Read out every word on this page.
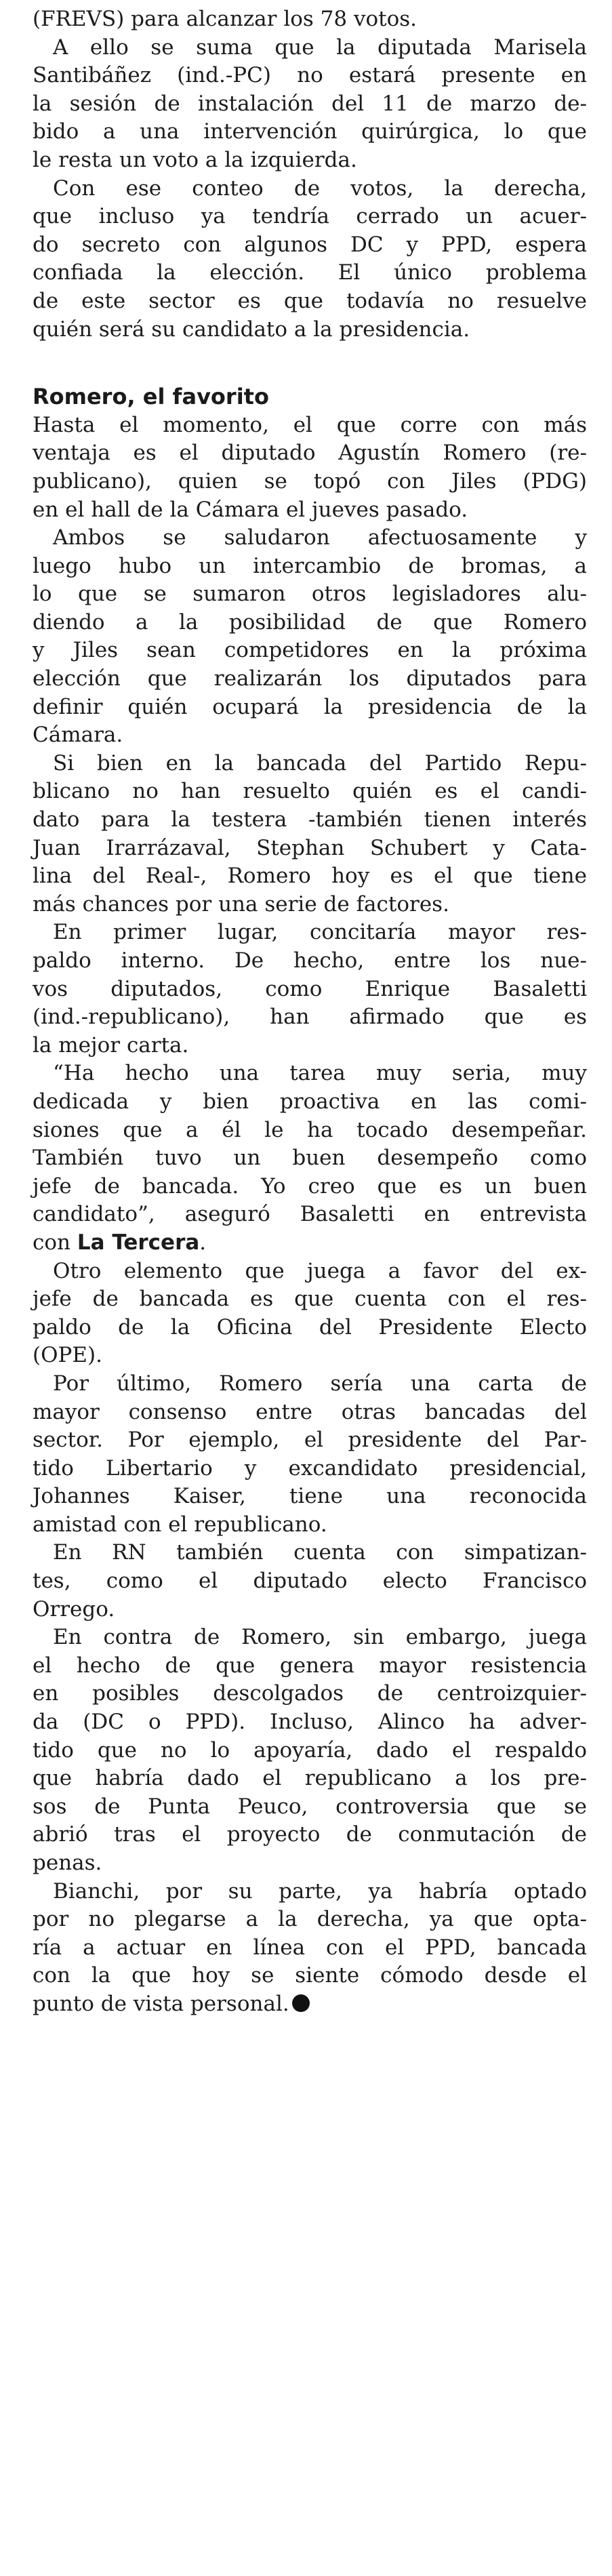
(FREVS) para alcanzar los 78 votos.
A ello se suma que la diputada Marisela
Santibáñez (ind.-PC) no estará presente en
la sesión de instalación del 11 de marzo de-
bido a una intervención quirúrgica, lo que
le resta un voto a la izquierda.
Con ese conteo de votos, la derecha,
que incluso ya tendría cerrado un acuer-
do secreto con algunos DC y PPD, espera
confiada la elección. El único problema
de este sector es que todavía no resuelve
quién será su candidato a la presidencia.
Romero, el favorito
Hasta el momento, el que corre con más
ventaja es el diputado Agustín Romero (re-
publicano), quien se topó con Jiles (PDG)
en el hall de la Cámara el jueves pasado.
Ambos se saludaron afectuosamente y
luego hubo un intercambio de bromas, a
lo que se sumaron otros legisladores alu-
diendo a la posibilidad de que Romero
y Jiles sean competidores en la próxima
elección que realizarán los diputados para
definir quién ocupará la presidencia de la
Cámara.
Si bien en la bancada del Partido Repu-
blicano no han resuelto quién es el candi-
dato para la testera -también tienen interés
Juan Irarrázaval, Stephan Schubert y Cata-
lina del Real-, Romero hoy es el que tiene
más chances por una serie de factores.
En primer lugar, concitaría mayor res-
paldo interno. De hecho, entre los nue-
vos diputados, como Enrique Basaletti
(ind.-republicano), han afirmado que es
la mejor carta.
“Ha hecho una tarea muy seria, muy
dedicada y bien proactiva en las comi-
siones que a él le ha tocado desempeñar.
También tuvo un buen desempeño como
jefe de bancada. Yo creo que es un buen
candidato”, aseguró Basaletti en entrevista
con La Tercera.
Otro elemento que juega a favor del ex-
jefe de bancada es que cuenta con el res-
paldo de la Oficina del Presidente Electo
(OPE).
Por último, Romero sería una carta de
mayor consenso entre otras bancadas del
sector. Por ejemplo, el presidente del Par-
tido Libertario y excandidato presidencial,
Johannes Kaiser, tiene una reconocida
amistad con el republicano.
En RN también cuenta con simpatizan-
tes, como el diputado electo Francisco
Orrego.
En contra de Romero, sin embargo, juega
el hecho de que genera mayor resistencia
en posibles descolgados de centroizquier-
da (DC o PPD). Incluso, Alinco ha adver-
tido que no lo apoyaría, dado el respaldo
que habría dado el republicano a los pre-
sos de Punta Peuco, controversia que se
abrió tras el proyecto de conmutación de
penas.
Bianchi, por su parte, ya habría optado
por no plegarse a la derecha, ya que opta-
ría a actuar en línea con el PPD, bancada
con la que hoy se siente cómodo desde el
punto de vista personal.
